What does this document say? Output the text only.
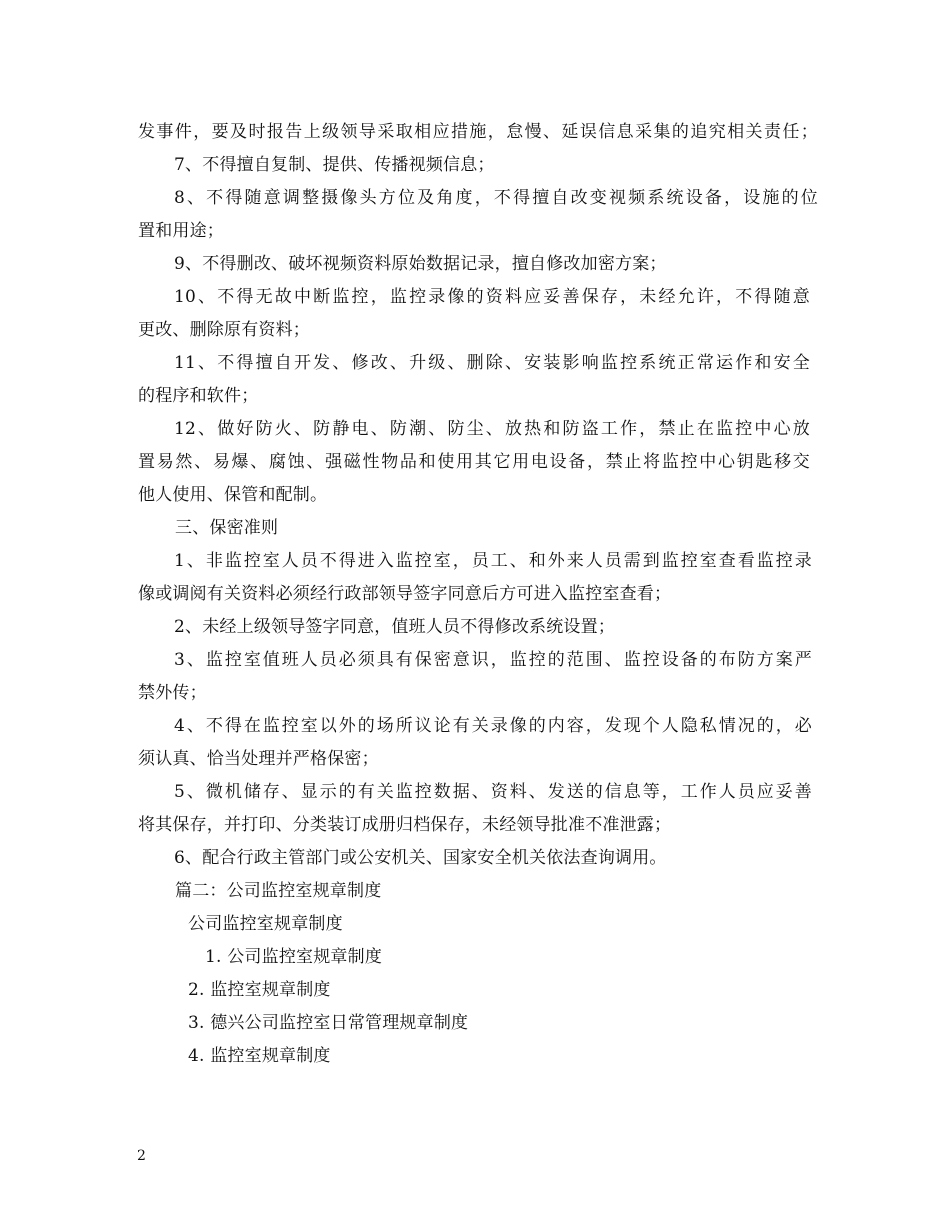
发事件，要及时报告上级领导采取相应措施，怠慢、延误信息采集的追究相关责任；
7、不得擅自复制、提供、传播视频信息；
8、不得随意调整摄像头方位及角度，不得擅自改变视频系统设备，设施的位
置和用途；
9、不得删改、破坏视频资料原始数据记录，擅自修改加密方案；
10、不得无故中断监控，监控录像的资料应妥善保存，未经允许，不得随意
更改、删除原有资料；
11、不得擅自开发、修改、升级、删除、安装影响监控系统正常运作和安全
的程序和软件；
12、做好防火、防静电、防潮、防尘、放热和防盗工作，禁止在监控中心放
置易然、易爆、腐蚀、强磁性物品和使用其它用电设备，禁止将监控中心钥匙移交
他人使用、保管和配制。
三、保密准则
1、非监控室人员不得进入监控室，员工、和外来人员需到监控室查看监控录
像或调阅有关资料必须经行政部领导签字同意后方可进入监控室查看；
2、未经上级领导签字同意，值班人员不得修改系统设置；
3、监控室值班人员必须具有保密意识，监控的范围、监控设备的布防方案严
禁外传；
4、不得在监控室以外的场所议论有关录像的内容，发现个人隐私情况的，必
须认真、恰当处理并严格保密；
5、微机储存、显示的有关监控数据、资料、发送的信息等，工作人员应妥善
将其保存，并打印、分类装订成册归档保存，未经领导批准不准泄露；
6、配合行政主管部门或公安机关、国家安全机关依法查询调用。
篇二：公司监控室规章制度
公司监控室规章制度
1. 公司监控室规章制度
2. 监控室规章制度
3. 德兴公司监控室日常管理规章制度
4. 监控室规章制度
2
